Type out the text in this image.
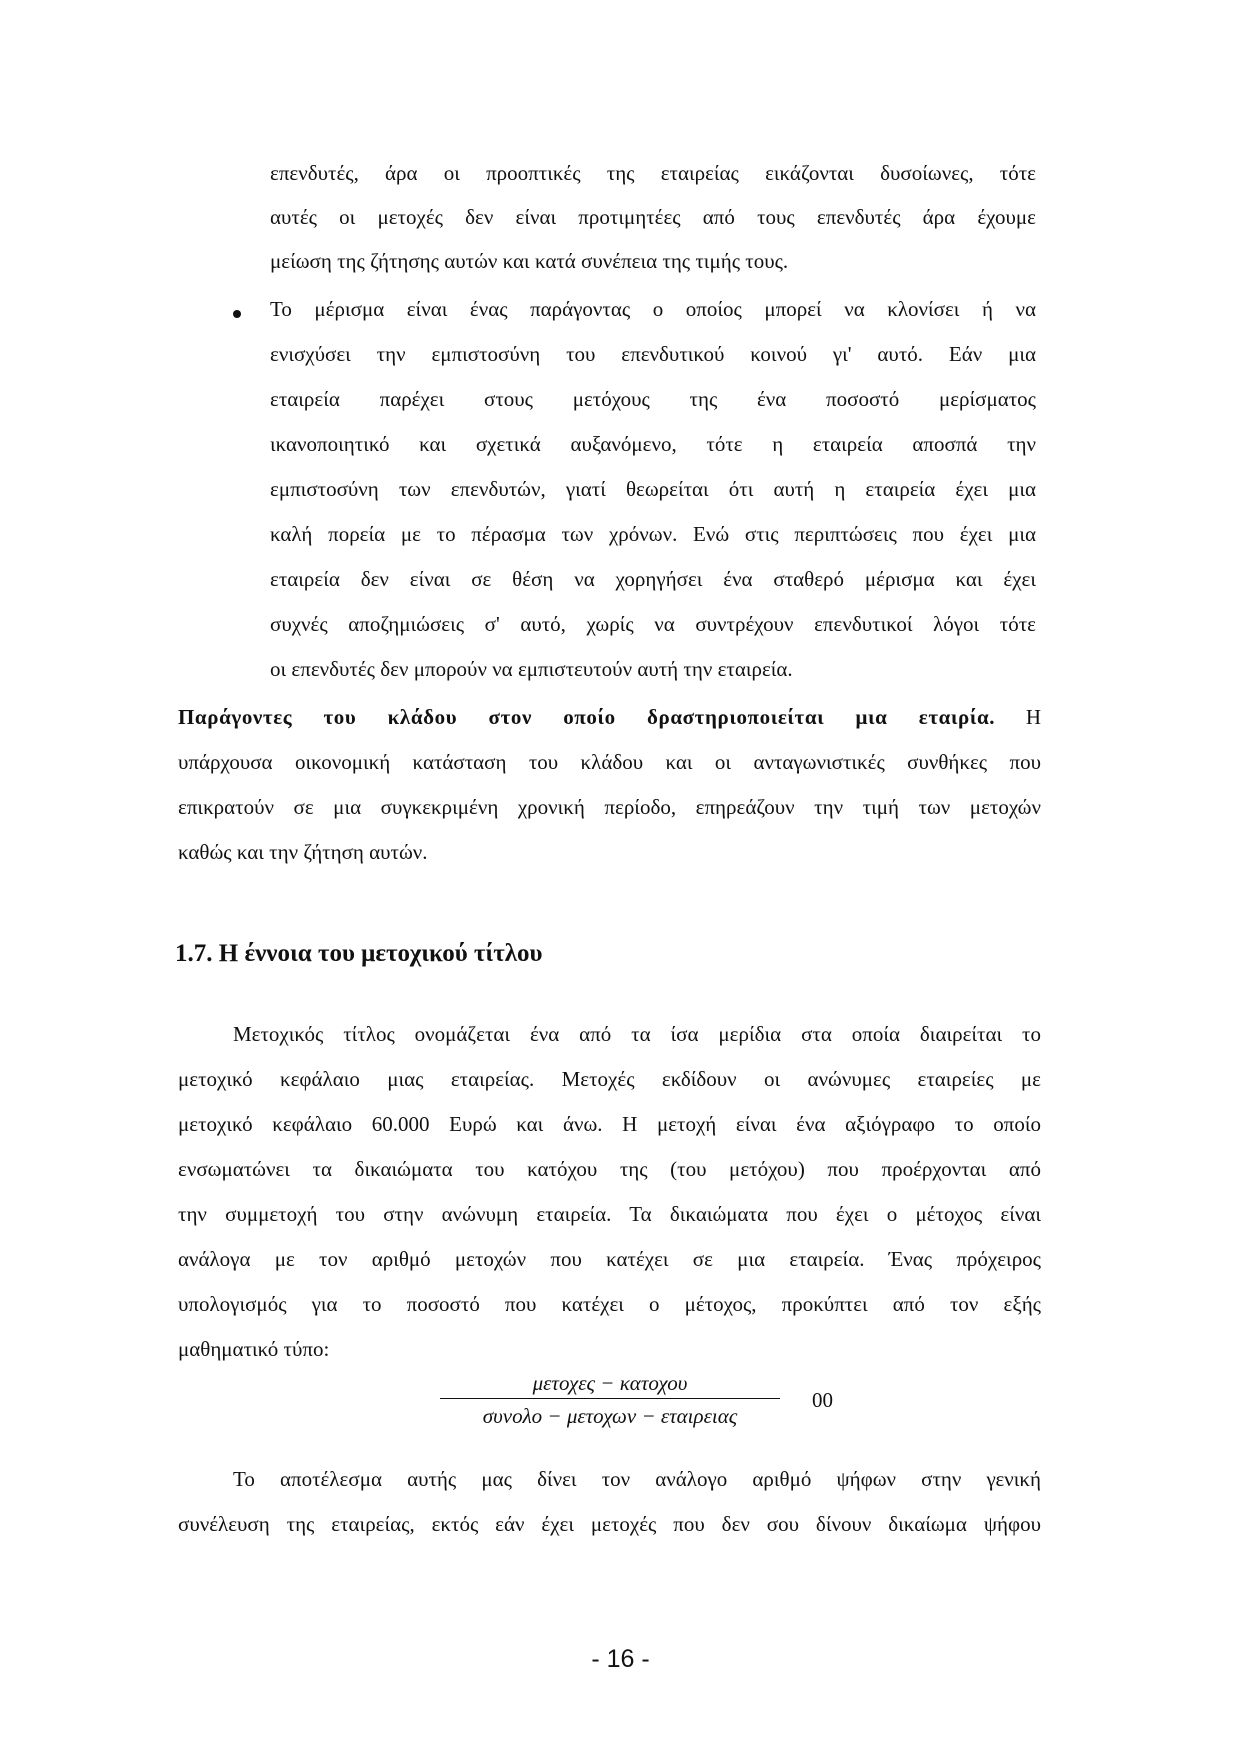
επενδυτές, άρα οι προοπτικές της εταιρείας εικάζονται δυσοίωνες, τότε
αυτές οι μετοχές δεν είναι προτιμητέες από τους επενδυτές άρα έχουμε
μείωση της ζήτησης αυτών και κατά συνέπεια της τιμής τους.
Το μέρισμα είναι ένας παράγοντας ο οποίος μπορεί να κλονίσει ή να
ενισχύσει την εμπιστοσύνη του επενδυτικού κοινού γι' αυτό. Εάν μια
εταιρεία παρέχει στους μετόχους της ένα ποσοστό μερίσματος
ικανοποιητικό και σχετικά αυξανόμενο, τότε η εταιρεία αποσπά την
εμπιστοσύνη των επενδυτών, γιατί θεωρείται ότι αυτή η εταιρεία έχει μια
καλή πορεία με το πέρασμα των χρόνων. Ενώ στις περιπτώσεις που έχει μια
εταιρεία δεν είναι σε θέση να χορηγήσει ένα σταθερό μέρισμα και έχει
συχνές αποζημιώσεις σ' αυτό, χωρίς να συντρέχουν επενδυτικοί λόγοι τότε
οι επενδυτές δεν μπορούν να εμπιστευτούν αυτή την εταιρεία.
Παράγοντες του κλάδου στον οποίο δραστηριοποιείται μια εταιρία. Η
υπάρχουσα οικονομική κατάσταση του κλάδου και οι ανταγωνιστικές συνθήκες που
επικρατούν σε μια συγκεκριμένη χρονική περίοδο, επηρεάζουν την τιμή των μετοχών
καθώς και την ζήτηση αυτών.
1.7. Η έννοια του μετοχικού τίτλου
Μετοχικός τίτλος ονομάζεται ένα από τα ίσα μερίδια στα οποία διαιρείται το
μετοχικό κεφάλαιο μιας εταιρείας. Μετοχές εκδίδουν οι ανώνυμες εταιρείες με
μετοχικό κεφάλαιο 60.000 Ευρώ και άνω. Η μετοχή είναι ένα αξιόγραφο το οποίο
ενσωματώνει τα δικαιώματα του κατόχου της (του μετόχου) που προέρχονται από
την συμμετοχή του στην ανώνυμη εταιρεία. Τα δικαιώματα που έχει ο μέτοχος είναι
ανάλογα με τον αριθμό μετοχών που κατέχει σε μια εταιρεία. Ένας πρόχειρος
υπολογισμός για το ποσοστό που κατέχει ο μέτοχος, προκύπτει από τον εξής
μαθηματικό τύπο:
μετοχες − κατοχου
συνολο − μετοχων − εταιρειας
00
Το αποτέλεσμα αυτής μας δίνει τον ανάλογο αριθμό ψήφων στην γενική
συνέλευση της εταιρείας, εκτός εάν έχει μετοχές που δεν σου δίνουν δικαίωμα ψήφου
- 16 -
